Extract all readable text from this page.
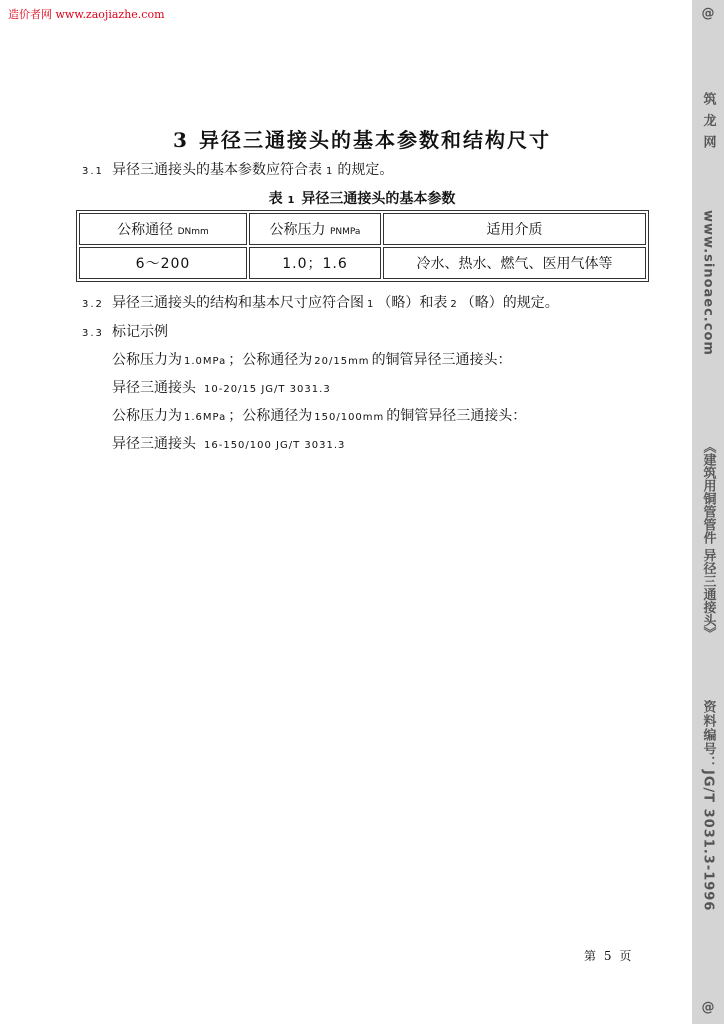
造价者网 www.zaojiazhe.com	@
筑 龙 网
www.sinoaec.com
《建筑用铜管管件 异径三通接头》
资料编号：JG/T 3031.3-1996
@
3 异径三通接头的基本参数和结构尺寸
3.1 异径三通接头的基本参数应符合表 1 的规定。
表 1 异径三通接头的基本参数
公称通径 DNmm	公称压力 PNMPa	适用介质
6～200	1.0；1.6	冷水、热水、燃气、医用气体等
3.2 异径三通接头的结构和基本尺寸应符合图 1 （略）和表 2 （略）的规定。
3.3 标记示例
公称压力为 1.0MPa ；公称通径为 20/15mm 的铜管异径三通接头：
异径三通接头 10-20/15 JG/T 3031.3
公称压力为 1.6MPa ；公称通径为 150/100mm 的铜管异径三通接头：
异径三通接头 16-150/100 JG/T 3031.3
第 5 页
